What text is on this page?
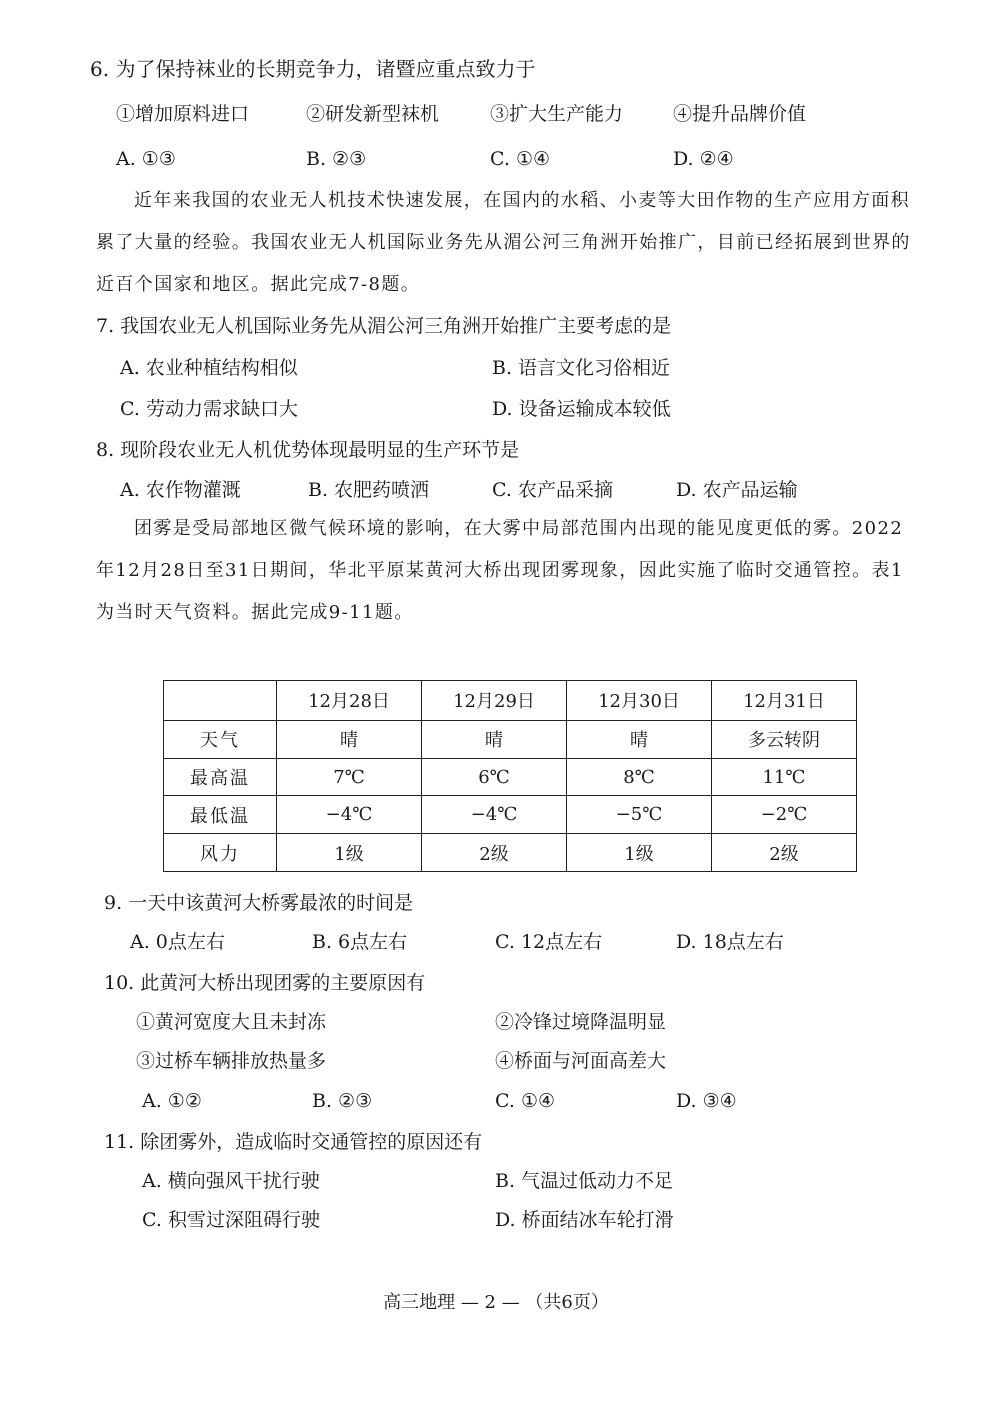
6. 为了保持袜业的长期竞争力，诸暨应重点致力于
①增加原料进口	②研发新型袜机	③扩大生产能力	④提升品牌价值
A. ①③	B. ②③	C. ①④	D. ②④
近年来我国的农业无人机技术快速发展，在国内的水稻、小麦等大田作物的生产应用方面积累了大量的经验。我国农业无人机国际业务先从湄公河三角洲开始推广，目前已经拓展到世界的近百个国家和地区。据此完成7-8题。
7. 我国农业无人机国际业务先从湄公河三角洲开始推广主要考虑的是
A. 农业种植结构相似	B. 语言文化习俗相近
C. 劳动力需求缺口大	D. 设备运输成本较低
8. 现阶段农业无人机优势体现最明显的生产环节是
A. 农作物灌溉	B. 农肥药喷洒	C. 农产品采摘	D. 农产品运输
团雾是受局部地区微气候环境的影响，在大雾中局部范围内出现的能见度更低的雾。2022年12月28日至31日期间，华北平原某黄河大桥出现团雾现象，因此实施了临时交通管控。表1为当时天气资料。据此完成9-11题。
	12月28日	12月29日	12月30日	12月31日
天气	晴	晴	晴	多云转阴
最高温	7℃	6℃	8℃	11℃
最低温	−4℃	−4℃	−5℃	−2℃
风力	1级	2级	1级	2级
9. 一天中该黄河大桥雾最浓的时间是
A. 0点左右	B. 6点左右	C. 12点左右	D. 18点左右
10. 此黄河大桥出现团雾的主要原因有
①黄河宽度大且未封冻	②冷锋过境降温明显
③过桥车辆排放热量多	④桥面与河面高差大
A. ①②	B. ②③	C. ①④	D. ③④
11. 除团雾外，造成临时交通管控的原因还有
A. 横向强风干扰行驶	B. 气温过低动力不足
C. 积雪过深阻碍行驶	D. 桥面结冰车轮打滑
高三地理 — 2 — （共6页）
